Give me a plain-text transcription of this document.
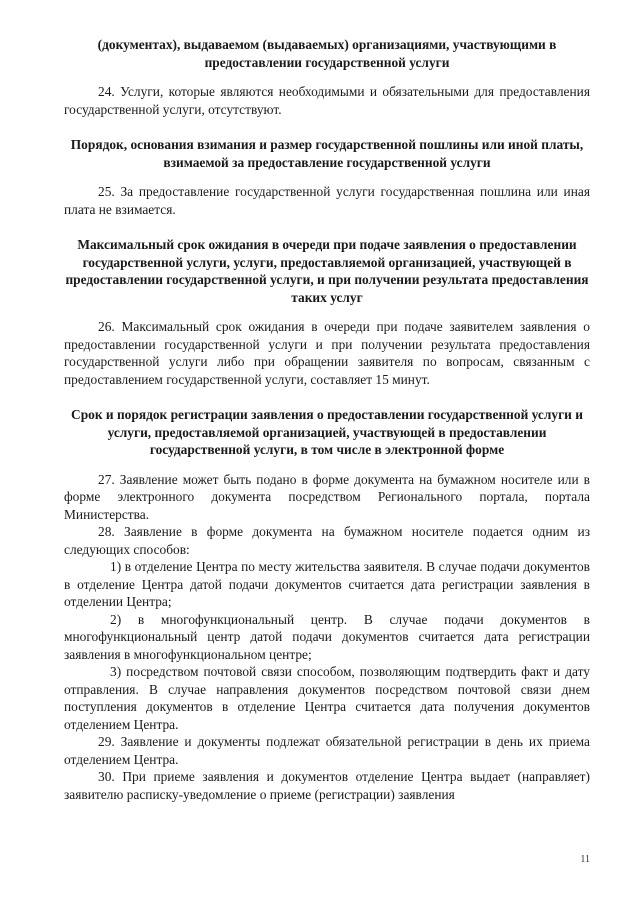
(документах), выдаваемом (выдаваемых) организациями, участвующими в предоставлении государственной услуги

24. Услуги, которые являются необходимыми и обязательными для предоставления государственной услуги, отсутствуют.

Порядок, основания взимания и размер государственной пошлины или иной платы, взимаемой за предоставление государственной услуги

25. За предоставление государственной услуги государственная пошлина или иная плата не взимается.

Максимальный срок ожидания в очереди при подаче заявления о предоставлении государственной услуги, услуги, предоставляемой организацией, участвующей в предоставлении государственной услуги, и при получении результата предоставления таких услуг

26. Максимальный срок ожидания в очереди при подаче заявителем заявления о предоставлении государственной услуги и при получении результата предоставления государственной услуги либо при обращении заявителя по вопросам, связанным с предоставлением государственной услуги, составляет 15 минут.

Срок и порядок регистрации заявления о предоставлении государственной услуги и услуги, предоставляемой организацией, участвующей в предоставлении государственной услуги, в том числе в электронной форме

27. Заявление может быть подано в форме документа на бумажном носителе или в форме электронного документа посредством Регионального портала, портала Министерства.

28. Заявление в форме документа на бумажном носителе подается одним из следующих способов:

1) в отделение Центра по месту жительства заявителя. В случае подачи документов в отделение Центра датой подачи документов считается дата регистрации заявления в отделении Центра;

2) в многофункциональный центр. В случае подачи документов в многофункциональный центр датой подачи документов считается дата регистрации заявления в многофункциональном центре;

3) посредством почтовой связи способом, позволяющим подтвердить факт и дату отправления. В случае направления документов посредством почтовой связи днем поступления документов в отделение Центра считается дата получения документов отделением Центра.

29. Заявление и документы подлежат обязательной регистрации в день их приема отделением Центра.

30. При приеме заявления и документов отделение Центра выдает (направляет) заявителю расписку-уведомление о приеме (регистрации) заявления

11
